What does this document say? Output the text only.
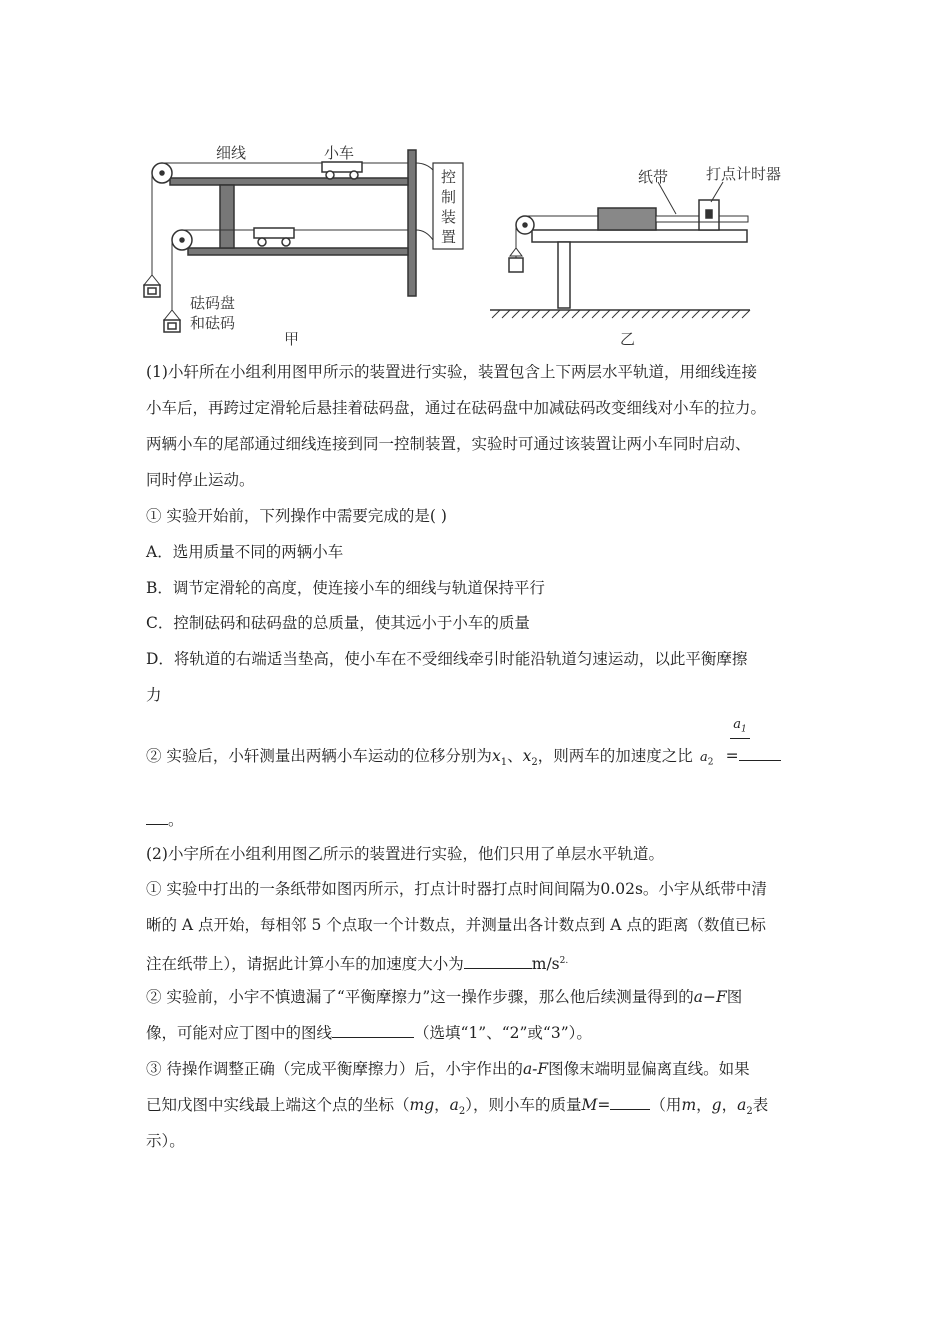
细线	小车
控
制
装
置
砝码盘
和砝码
甲
纸带	打点计时器
乙
(1)小轩所在小组利用图甲所示的装置进行实验，装置包含上下两层水平轨道，用细线连接
小车后，再跨过定滑轮后悬挂着砝码盘，通过在砝码盘中加减砝码改变细线对小车的拉力。
两辆小车的尾部通过细线连接到同一控制装置，实验时可通过该装置让两小车同时启动、
同时停止运动。
① 实验开始前，下列操作中需要完成的是( )
A．选用质量不同的两辆小车
B．调节定滑轮的高度，使连接小车的细线与轨道保持平行
C．控制砝码和砝码盘的总质量，使其远小于小车的质量
D．将轨道的右端适当垫高，使小车在不受细线牵引时能沿轨道匀速运动，以此平衡摩擦
力
$a_1$
② 实验后，小轩测量出两辆小车运动的位移分别为$x_1$、$x_2$，则两车的加速度之比 $a_2$ =
。
(2)小宇所在小组利用图乙所示的装置进行实验，他们只用了单层水平轨道。
① 实验中打出的一条纸带如图丙所示，打点计时器打点时间间隔为0.02s。小宇从纸带中清
晰的 A 点开始，每相邻 5 个点取一个计数点，并测量出各计数点到 A 点的距离（数值已标
注在纸带上），请据此计算小车的加速度大小为	$m/s^{2.}$
② 实验前，小宇不慎遗漏了“平衡摩擦力”这一操作步骤，那么他后续测量得到的a−F图
像，可能对应丁图中的图线	（选填“1”、“2”或“3”）。
③ 待操作调整正确（完成平衡摩擦力）后，小宇作出的a-F图像末端明显偏离直线。如果
已知戊图中实线最上端这个点的坐标（mg，$a_2$），则小车的质量M=	（用m，g，$a_2$表
示）。
